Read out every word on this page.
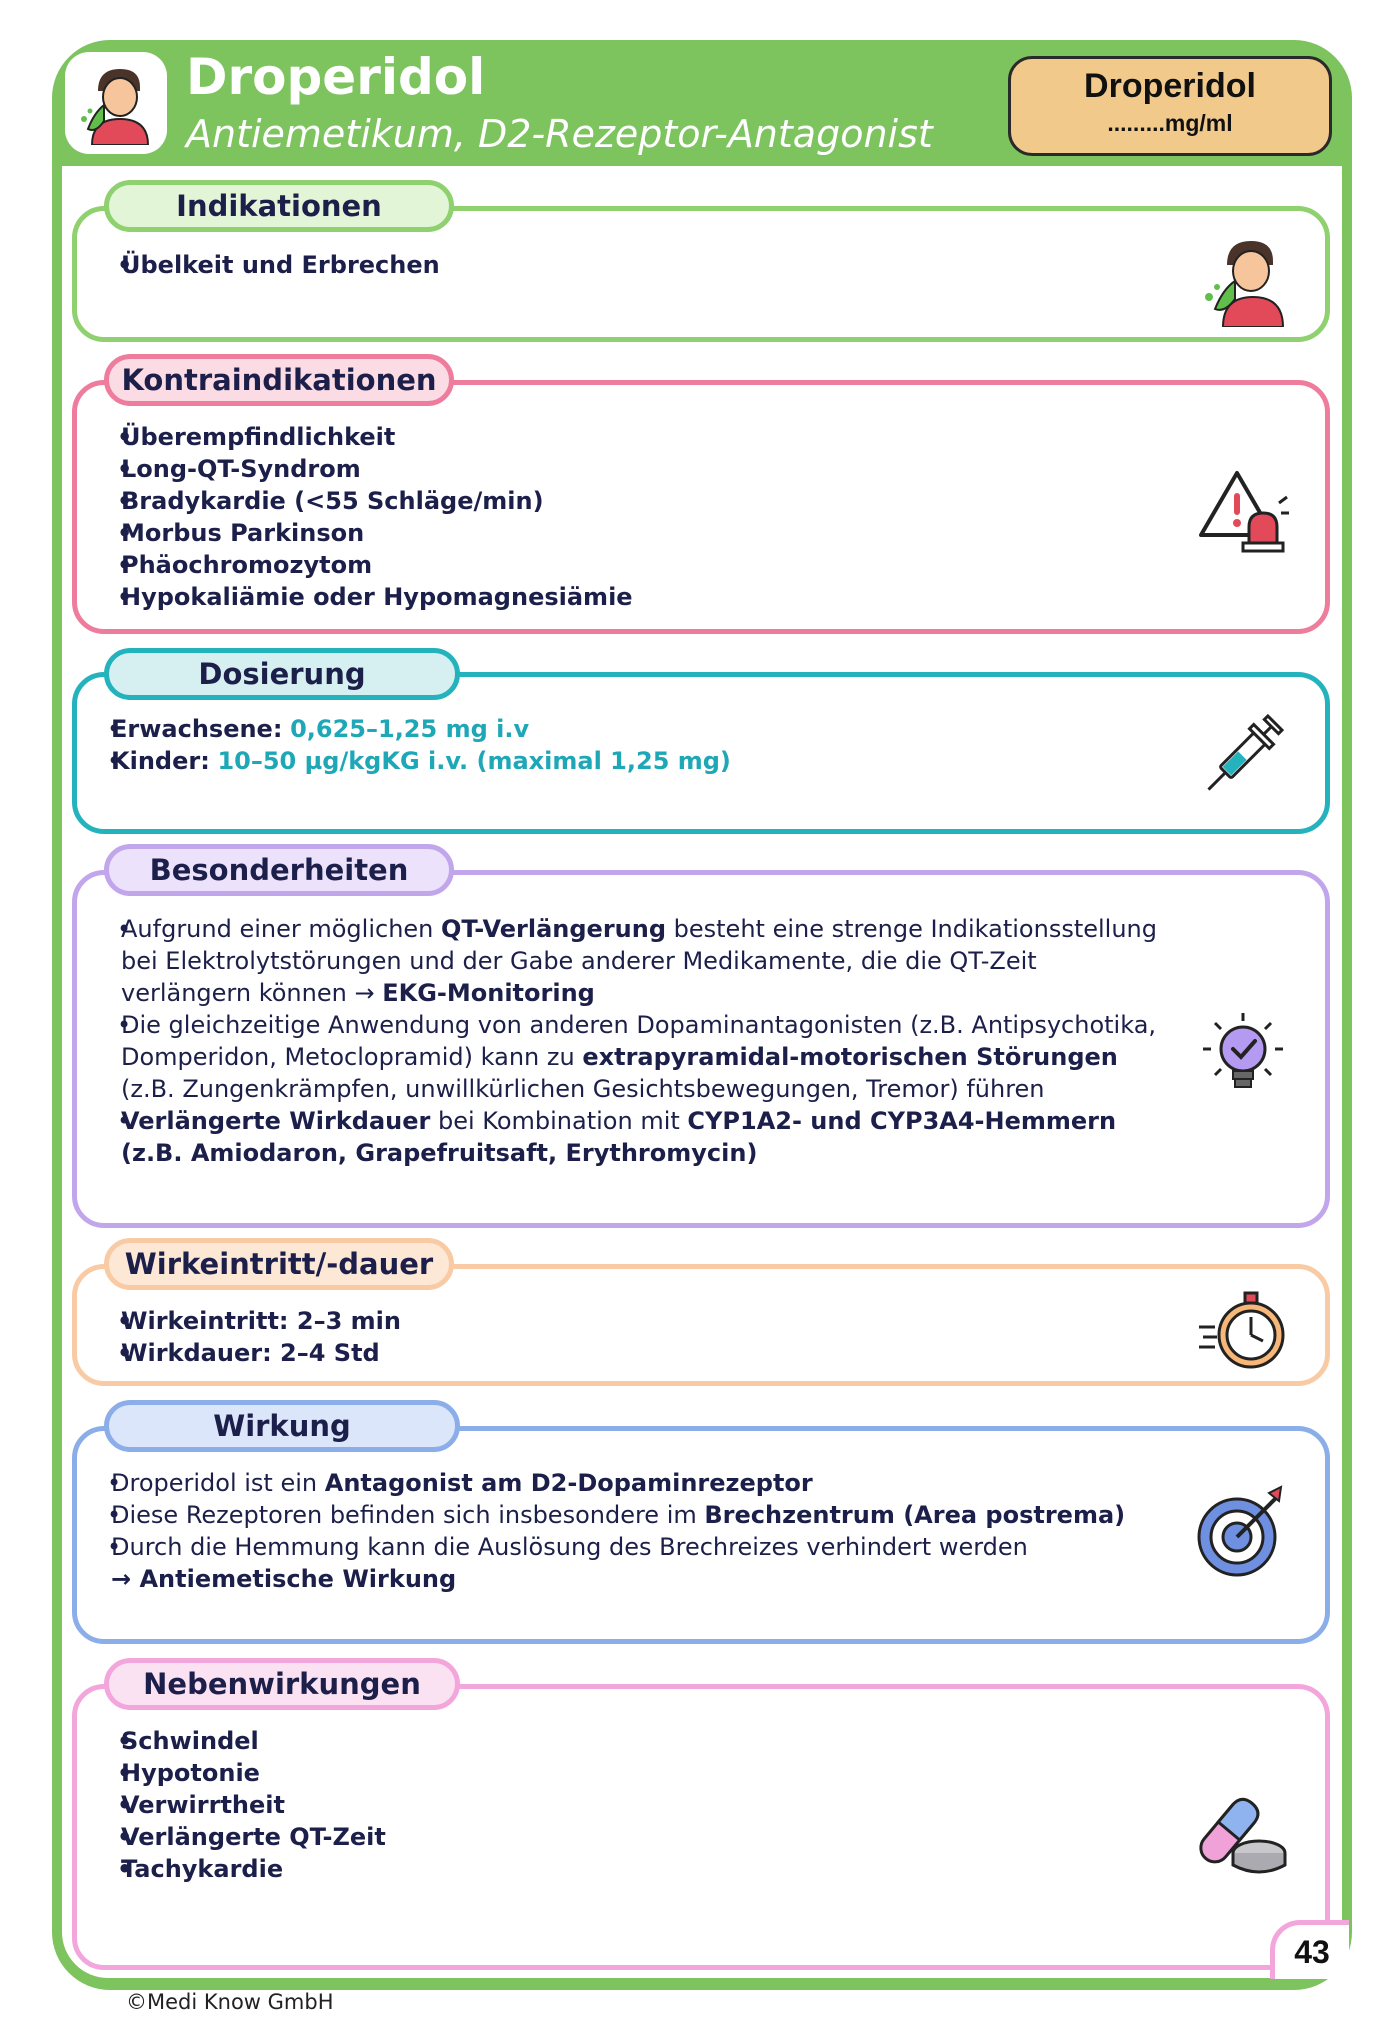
Droperidol
Antiemetikum, D2-Rezeptor-Antagonist
Droperidol
.........mg/ml
• Übelkeit und Erbrechen
Indikationen
• Überempfindlichkeit
• Long-QT-Syndrom
• Bradykardie (<55 Schläge/min)
• Morbus Parkinson
• Phäochromozytom
• Hypokaliämie oder Hypomagnesiämie
Kontraindikationen
• Erwachsene: 0,625–1,25 mg i.v
• Kinder: 10–50 µg/kgKG i.v. (maximal 1,25 mg)
Dosierung
• Aufgrund einer möglichen QT-Verlängerung besteht eine strenge Indikationsstellung bei Elektrolytstörungen und der Gabe anderer Medikamente, die die QT-Zeit verlängern können → EKG-Monitoring
• Die gleichzeitige Anwendung von anderen Dopaminantagonisten (z.B. Antipsychotika, Domperidon, Metoclopramid) kann zu extrapyramidal-motorischen Störungen (z.B. Zungenkrämpfen, unwillkürlichen Gesichtsbewegungen, Tremor) führen
• Verlängerte Wirkdauer bei Kombination mit CYP1A2- und CYP3A4-Hemmern (z.B. Amiodaron, Grapefruitsaft, Erythromycin)
Besonderheiten
• Wirkeintritt: 2–3 min
• Wirkdauer: 2–4 Std
Wirkeintritt/-dauer
• Droperidol ist ein Antagonist am D2-Dopaminrezeptor
• Diese Rezeptoren befinden sich insbesondere im Brechzentrum (Area postrema)
• Durch die Hemmung kann die Auslösung des Brechreizes verhindert werden
→ Antiemetische Wirkung
Wirkung
• Schwindel
• Hypotonie
• Verwirrtheit
• Verlängerte QT-Zeit
• Tachykardie
Nebenwirkungen
43
©Medi Know GmbH
